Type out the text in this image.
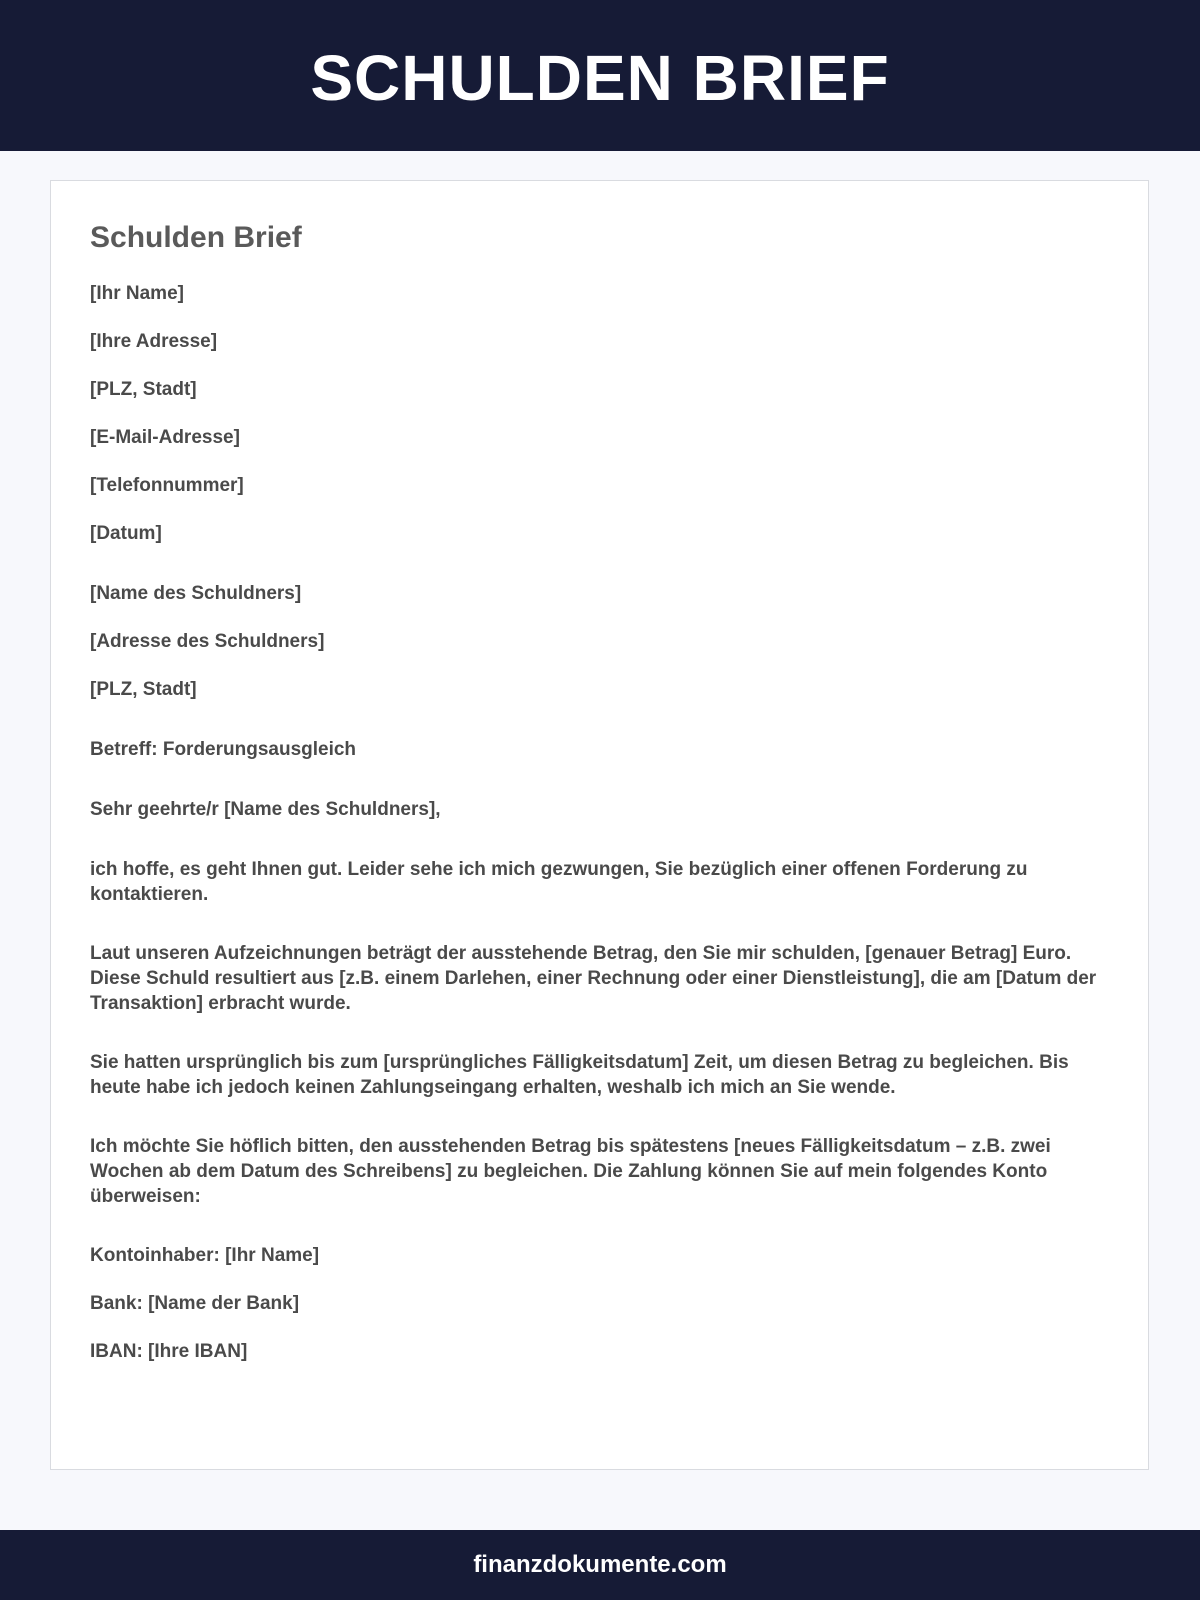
SCHULDEN BRIEF
Schulden Brief

[Ihr Name]

[Ihre Adresse]

[PLZ, Stadt]

[E-Mail-Adresse]

[Telefonnummer]

[Datum]

[Name des Schuldners]

[Adresse des Schuldners]

[PLZ, Stadt]

Betreff: Forderungsausgleich

Sehr geehrte/r [Name des Schuldners],

ich hoffe, es geht Ihnen gut. Leider sehe ich mich gezwungen, Sie bezüglich einer offenen Forderung zu kontaktieren.

Laut unseren Aufzeichnungen beträgt der ausstehende Betrag, den Sie mir schulden, [genauer Betrag] Euro. Diese Schuld resultiert aus [z.B. einem Darlehen, einer Rechnung oder einer Dienstleistung], die am [Datum der Transaktion] erbracht wurde.

Sie hatten ursprünglich bis zum [ursprüngliches Fälligkeitsdatum] Zeit, um diesen Betrag zu begleichen. Bis heute habe ich jedoch keinen Zahlungseingang erhalten, weshalb ich mich an Sie wende.

Ich möchte Sie höflich bitten, den ausstehenden Betrag bis spätestens [neues Fälligkeitsdatum – z.B. zwei Wochen ab dem Datum des Schreibens] zu begleichen. Die Zahlung können Sie auf mein folgendes Konto überweisen:

Kontoinhaber: [Ihr Name]

Bank: [Name der Bank]

IBAN: [Ihre IBAN]

finanzdokumente.com
